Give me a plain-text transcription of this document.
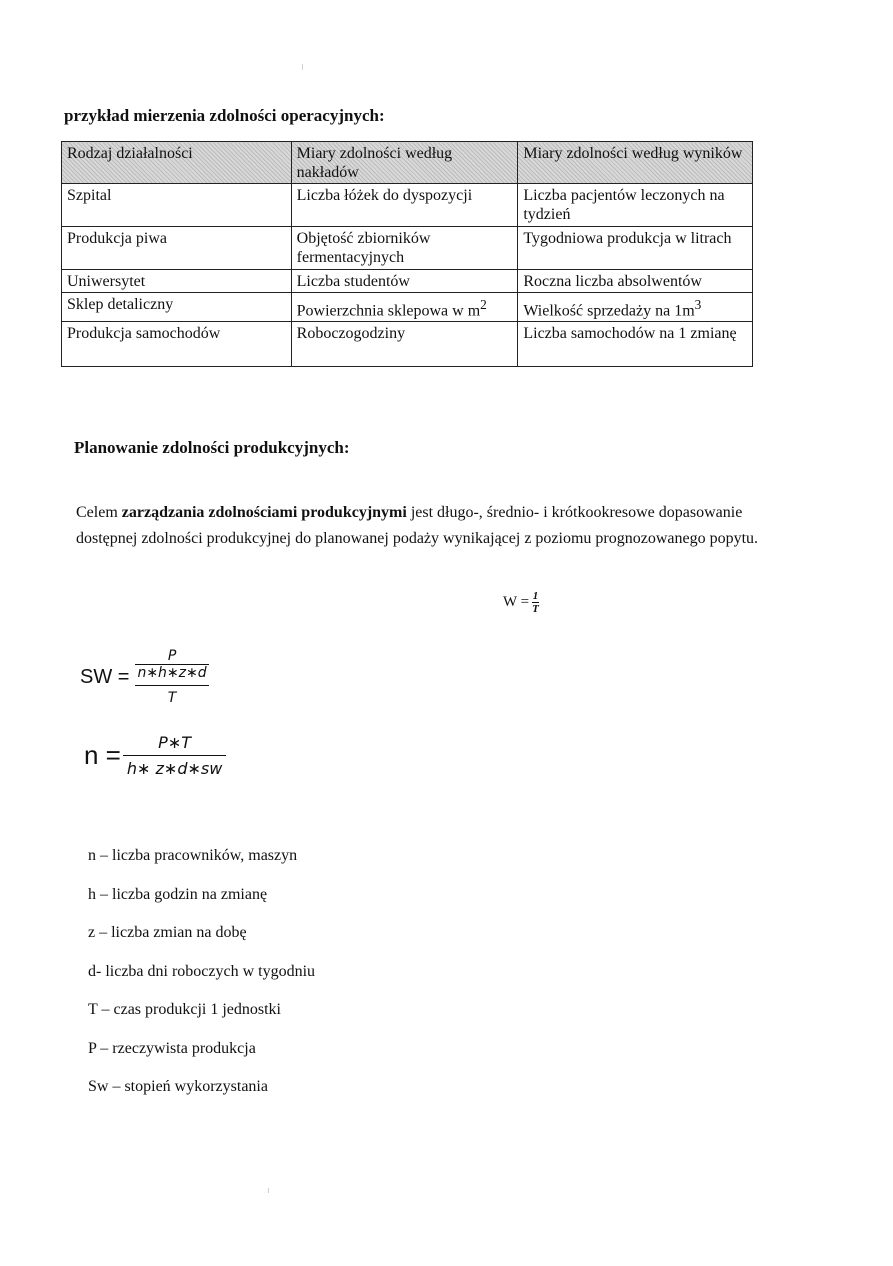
przykład mierzenia zdolności operacyjnych:
Rodzaj działalności	Miary zdolności według nakładów	Miary zdolności według wyników
Szpital	Liczba łóżek do dyspozycji	Liczba pacjentów leczonych na tydzień
Produkcja piwa	Objętość zbiorników fermentacyjnych	Tygodniowa produkcja w litrach
Uniwersytet	Liczba studentów	Roczna liczba absolwentów
Sklep detaliczny	Powierzchnia sklepowa w $m^2$	Wielkość sprzedaży na $1m^3$
Produkcja samochodów	Roboczogodziny	Liczba samochodów na 1 zmianę
Planowanie zdolności produkcyjnych:

Celem zarządzania zdolnościami produkcyjnymi jest długo-, średnio- i krótkookresowe dopasowanie dostępnej zdolności produkcyjnej do planowanej podaży wynikającej z poziomu prognozowanego popytu.

$W = \frac{1}{T}$
SW = $\frac{\frac{P}{n∗h∗z∗d}}{T}$
$n = \frac{P∗T}{h∗ z∗d∗sw}$
n – liczba pracowników, maszyn
h – liczba godzin na zmianę
z – liczba zmian na dobę
d- liczba dni roboczych w tygodniu
T – czas produkcji 1 jednostki
P – rzeczywista produkcja
Sw – stopień wykorzystania
